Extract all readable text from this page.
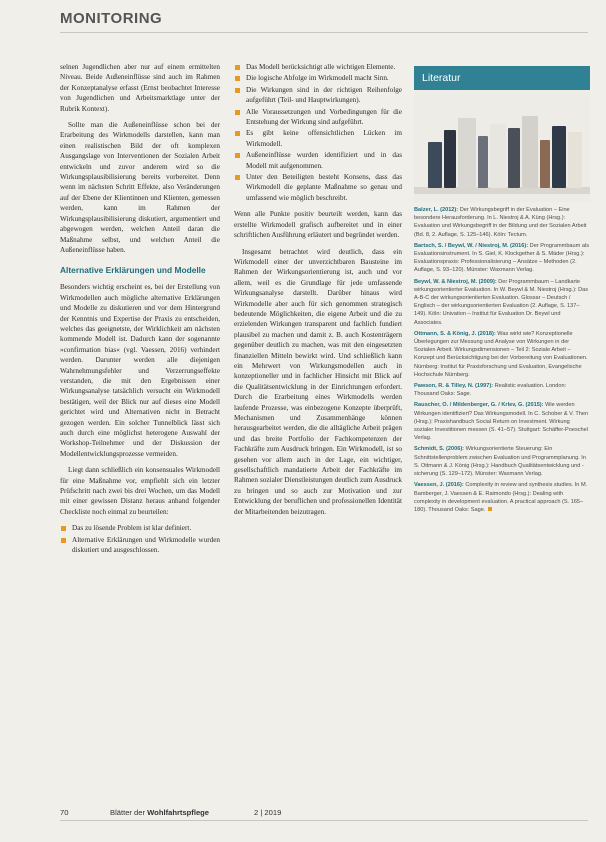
MONITORING

selnen Jugendlichen aber nur auf einem ermittelten Niveau. Beide Außeneinflüsse sind auch im Rahmen der Konzeptanalyse erfasst (Ernst beobachtet Interesse von Jugendlichen und Arbeitsmarktlage unter der Rubrik Kontext).

Sollte man die Außeneinflüsse schon bei der Erarbeitung des Wirkmodells darstellen, kann man einen realistischen Bild der oft komplexen Ausgangslage von Interventionen der Sozialen Arbeit entwickeln und zuvor anderem wird so die Wirkungsplausibilisierung bereits vorbereitet. Denn wenn im nächsten Schritt Effekte, also Veränderungen auf der Ebene der Klientinnen und Klienten, gemessen werden, kann im Rahmen der Wirkungsplausibilisierung diskutiert, argumentiert und abgewogen werden, welchen Anteil daran die Maßnahme selbst, und welchen Anteil die Außeneinflüsse haben.

Alternative Erklärungen und Modelle

Besonders wichtig erscheint es, bei der Erstellung von Wirkmodellen auch mögliche alternative Erklärungen und Modelle zu diskutieren und vor dem Hintergrund der Kenntnis und Expertise der Praxis zu entscheiden, welches das geeignetste, der Wirklichkeit am nächsten kommende Modell ist. Dadurch kann der sogenannte »confirmation bias« (vgl. Vaessen, 2016) verhindert werden. Darunter werden alle diejenigen Wahrnehmungsfehler und Verzerrungseffekte verstanden, die mit den Ergebnissen einer Wirkungsanalyse tatsächlich versucht ein Wirkmodell bestätigen, weil der Blick nur auf dieses eine Modell gerichtet wird und Alternativen nicht in Betracht gezogen werden. Ein solcher Tunnelblick lässt sich auch durch eine möglichst heterogene Auswahl der Workshop-Teilnehmer und der Diskussion der Modellentwicklungsprozesse vermeiden.

Liegt dann schließlich ein konsensuales Wirkmodell für eine Maßnahme vor, empfiehlt sich ein letzter Prüfschritt nach zwei bis drei Wochen, um das Modell mit einer gewissen Distanz heraus anhand folgender Checkliste noch einmal zu beurteilen:

Das zu lösende Problem ist klar definiert.
Alternative Erklärungen und Wirkmodelle wurden diskutiert und ausgeschlossen.
Das Modell berücksichtigt alle wichtigen Elemente.
Die logische Abfolge im Wirkmodell macht Sinn.
Die Wirkungen sind in der richtigen Reihenfolge aufgeführt (Teil- und Hauptwirkungen).
Alle Voraussetzungen und Vorbedingungen für die Entstehung der Wirkung sind aufgeführt.
Es gibt keine offensichtlichen Lücken im Wirkmodell.
Außeneinflüsse wurden identifiziert und in das Modell mit aufgenommen.
Unter den Beteiligten besteht Konsens, dass das Wirkmodell die geplante Maßnahme so genau und umfassend wie möglich beschreibt.

Wenn alle Punkte positiv beurteilt werden, kann das erstellte Wirkmodell grafisch aufbereitet und in einer schriftlichen Ausführung erläutert und begründet werden.

Insgesamt betrachtet wird deutlich, dass ein Wirkmodell einer der unverzichtbaren Bausteine im Rahmen der Wirkungsorientierung ist, auch und vor allem, weil es die Grundlage für jede umfassende Wirkungsanalyse darstellt. Darüber hinaus wird Wirkmodelle aber auch für sich genommen strategisch bedeutende Möglichkeiten, die eigene Arbeit und die zu erzielenden Wirkungen transparent und fachlich fundiert plausibel zu machen und damit z. B. auch Kostenträgern gegenüber deutlich zu machen, was mit den eingesetzten finanziellen Mitteln bewirkt wird. Und schließlich kann ein Mehrwert von Wirkungsmodellen auch in konzeptioneller und in fachlicher Hinsicht mit Blick auf die Qualitätsentwicklung in der Einrichtungen erfordert. Durch die Erarbeitung eines Wirkmodells werden laufende Prozesse, was einbezogene Konzepte überprüft, Mechanismen und Zusammenhänge können herausgearbeitet werden, die die alltägliche Arbeit prägen und das breite Portfolio der Fachkompetenzen der Fachkräfte zum Ausdruck bringen. Ein Wirkmodell, ist so gesehen vor allem auch in der Lage, ein wichtiger, gesellschaftlich mandatierte Arbeit der Fachkräfte im Rahmen sozialer Dienstleistungen deutlich zum Ausdruck zu bringen und so auch zur Motivation und zur Entwicklung der beruflichen und professionellen Identität der Mitarbeitenden beizutragen.

Literatur

Balzer, L. (2012): Der Wirkungsbegriff in der Evaluation – Eine besondere Herausforderung. In L. Niestroj & A. Küng (Hrsg.): Evaluation und Wirkungsbegriff in der Bildung und der Sozialen Arbeit (Bd. 8, 2. Auflage, S. 125–146). Köln: Tectum.

Bartsch, S. / Beywl, W. / Niestroj, M. (2016): Der Programmbaum als Evaluationsinstrument. In S. Giel, K. Klockgether & S. Mäder (Hrsg.): Evaluationspraxis: Professionalisierung – Ansätze – Methoden (2. Auflage, S. 93–120). Münster: Waxmann Verlag.

Beywl, W. & Niestroj, M. (2009): Der Programmbaum – Landkarte wirkungsorientierter Evaluation. In W. Beywl & M. Niestroj (Hrsg.): Das A-B-C der wirkungsorientierten Evaluation. Glossar – Deutsch / Englisch – der wirkungsorientierten Evaluation (2. Auflage, S. 137–149). Köln: Univation – Institut für Evaluation Dr. Beywl und Associates.

Ottmann, S. & König, J. (2018): Was wirkt wie? Konzeptionelle Überlegungen zur Messung und Analyse von Wirkungen in der Sozialen Arbeit. Wirkungsdimensionen – Teil 2: Soziale Arbeit – Konzept und Berücksichtigung bei der Vorbereitung von Evaluationen. Nürnberg: Institut für Praxisforschung und Evaluation, Evangelische Hochschule Nürnberg.

Pawson, R. & Tilley, N. (1997): Realistic evaluation. London: Thousand Oaks: Sage.

Rauscher, O. / Mildenberger, G. / Krlev, G. (2015): Wie werden Wirkungen identifiziert? Das Wirkungsmodell. In C. Schober & V. Then (Hrsg.): Praxishandbuch Social Return on Investment. Wirkung sozialer Investitionen messen (S. 41–57). Stuttgart: Schäffer-Poeschel Verlag.

Schmidt, S. (2006): Wirkungsorientierte Steuerung: Ein Schnittstellenproblem zwischen Evaluation und Programmplanung. In S. Ottmann & J. König (Hrsg.): Handbuch Qualitätsentwicklung und -sicherung (S. 129–172). Münster: Waxmann Verlag.

Vaessen, J. (2016): Complexity in review and synthesis studies. In M. Bamberger, J. Vaessen & E. Raimondo (Hrsg.): Dealing with complexity in development evaluation. A practical approach (S. 165–180). Thousand Oaks: Sage.

70	Blätter der Wohlfahrtspflege	2 | 2019
